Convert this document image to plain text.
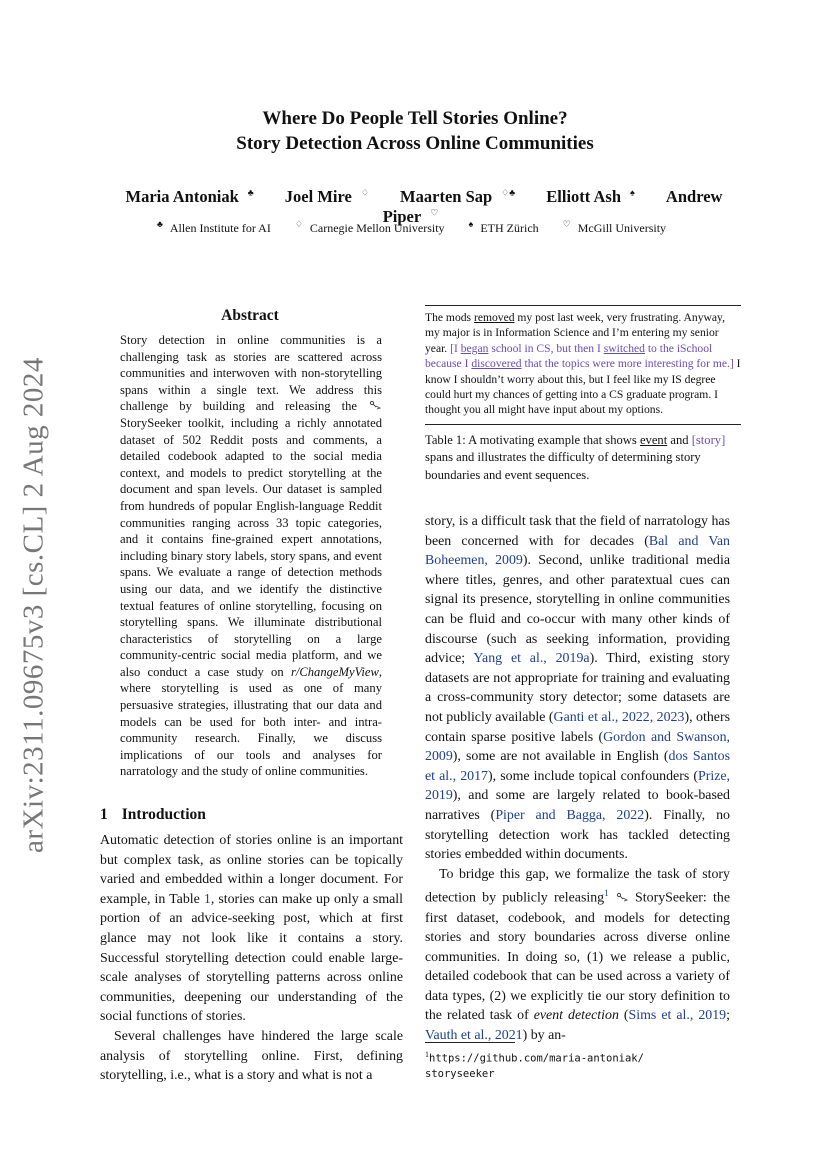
arXiv:2311.09675v3 [cs.CL] 2 Aug 2024
Where Do People Tell Stories Online?
Story Detection Across Online Communities
Maria Antoniak ♣ Joel Mire ♢ Maarten Sap ♢♣ Elliott Ash ♠ Andrew Piper ♡
♣ Allen Institute for AI	♢ Carnegie Mellon University	♠ ETH Zürich	♡ McGill University
Abstract
Story detection in online communities is a challenging task as stories are scattered across communities and interwoven with non-storytelling spans within a single text. We address this challenge by building and releasing the StorySeeker toolkit, including a richly annotated dataset of 502 Reddit posts and comments, a detailed codebook adapted to the social media context, and models to predict storytelling at the document and span levels. Our dataset is sampled from hundreds of popular English-language Reddit communities ranging across 33 topic categories, and it contains fine-grained expert annotations, including binary story labels, story spans, and event spans. We evaluate a range of detection methods using our data, and we identify the distinctive textual features of online storytelling, focusing on storytelling spans. We illuminate distributional characteristics of storytelling on a large community-centric social media platform, and we also conduct a case study on r/ChangeMyView, where storytelling is used as one of many persuasive strategies, illustrating that our data and models can be used for both inter- and intra-community research. Finally, we discuss implications of our tools and analyses for narratology and the study of online communities.
1 Introduction

Automatic detection of stories online is an important but complex task, as online stories can be topically varied and embedded within a longer document. For example, in Table 1, stories can make up only a small portion of an advice-seeking post, which at first glance may not look like it contains a story. Successful storytelling detection could enable large-scale analyses of storytelling patterns across online communities, deepening our understanding of the social functions of stories.

Several challenges have hindered the large scale analysis of storytelling online. First, defining storytelling, i.e., what is a story and what is not a

The mods removed my post last week, very frustrating. Anyway, my major is in Information Science and I’m entering my senior year. [I began school in CS, but then I switched to the iSchool because I discovered that the topics were more interesting for me.] I know I shouldn’t worry about this, but I feel like my IS degree could hurt my chances of getting into a CS graduate program. I thought you all might have input about my options.
Table 1: A motivating example that shows event and [story] spans and illustrates the difficulty of determining story boundaries and event sequences.

story, is a difficult task that the field of narratology has been concerned with for decades (Bal and Van Boheemen, 2009). Second, unlike traditional media where titles, genres, and other paratextual cues can signal its presence, storytelling in online communities can be fluid and co-occur with many other kinds of discourse (such as seeking information, providing advice; Yang et al., 2019a). Third, existing story datasets are not appropriate for training and evaluating a cross-community story detector; some datasets are not publicly available (Ganti et al., 2022, 2023), others contain sparse positive labels (Gordon and Swanson, 2009), some are not available in English (dos Santos et al., 2017), some include topical confounders (Prize, 2019), and some are largely related to book-based narratives (Piper and Bagga, 2022). Finally, no storytelling detection work has tackled detecting stories embedded within documents.

To bridge this gap, we formalize the task of story detection by publicly releasing$^1$  StorySeeker: the first dataset, codebook, and models for detecting stories and story boundaries across diverse online communities. In doing so, (1) we release a public, detailed codebook that can be used across a variety of data types, (2) we explicitly tie our story definition to the related task of event detection (Sims et al., 2019; Vauth et al., 2021) by an-

$^1$https://github.com/maria-antoniak/
storyseeker
